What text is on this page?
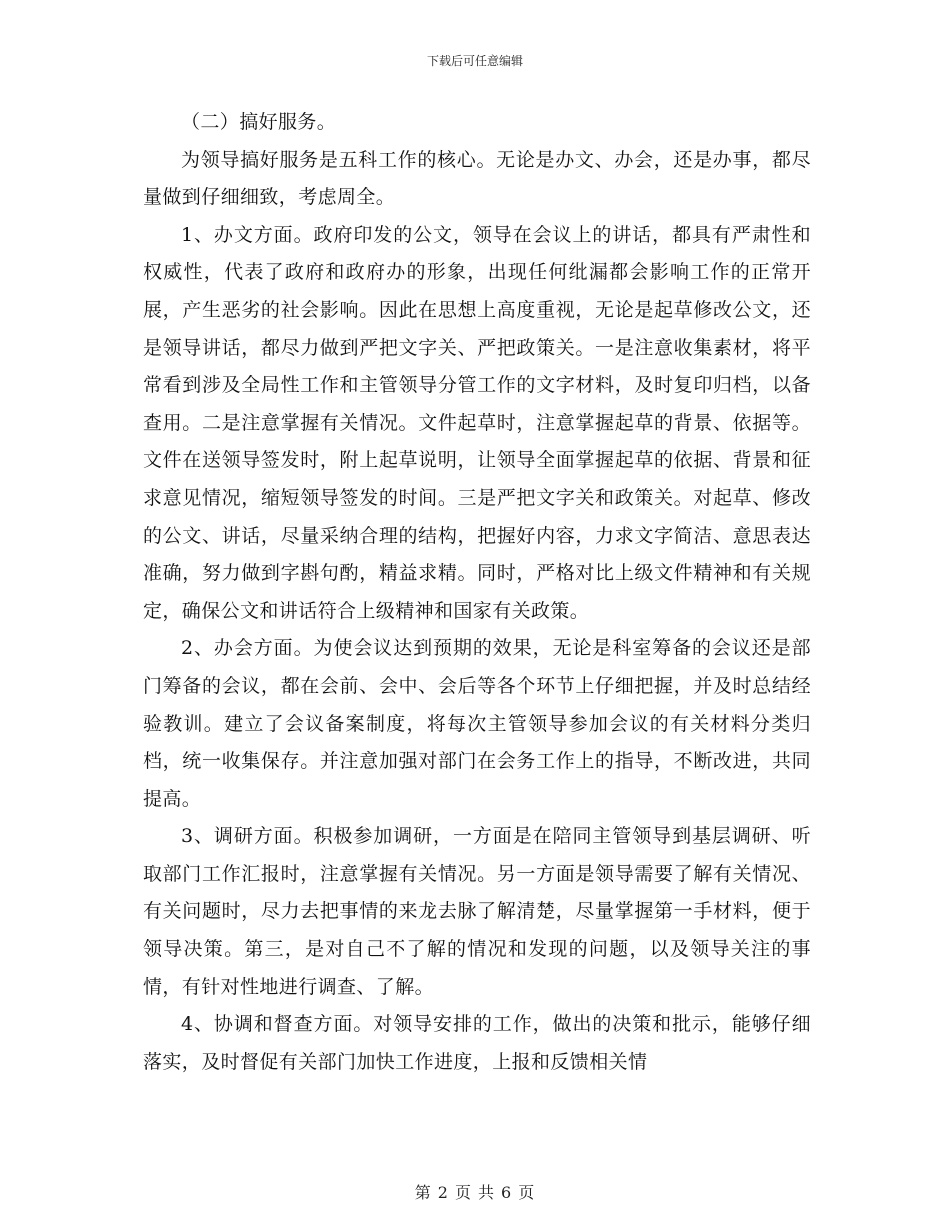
下载后可任意编辑

（二）搞好服务。

为领导搞好服务是五科工作的核心。无论是办文、办会，还是办事，都尽量做到仔细细致，考虑周全。

1、办文方面。政府印发的公文，领导在会议上的讲话，都具有严肃性和权威性，代表了政府和政府办的形象，出现任何纰漏都会影响工作的正常开展，产生恶劣的社会影响。因此在思想上高度重视，无论是起草修改公文，还是领导讲话，都尽力做到严把文字关、严把政策关。一是注意收集素材，将平常看到涉及全局性工作和主管领导分管工作的文字材料，及时复印归档，以备查用。二是注意掌握有关情况。文件起草时，注意掌握起草的背景、依据等。文件在送领导签发时，附上起草说明，让领导全面掌握起草的依据、背景和征求意见情况，缩短领导签发的时间。三是严把文字关和政策关。对起草、修改的公文、讲话，尽量采纳合理的结构，把握好内容，力求文字简洁、意思表达准确，努力做到字斟句酌，精益求精。同时，严格对比上级文件精神和有关规定，确保公文和讲话符合上级精神和国家有关政策。

2、办会方面。为使会议达到预期的效果，无论是科室筹备的会议还是部门筹备的会议，都在会前、会中、会后等各个环节上仔细把握，并及时总结经验教训。建立了会议备案制度，将每次主管领导参加会议的有关材料分类归档，统一收集保存。并注意加强对部门在会务工作上的指导，不断改进，共同提高。

3、调研方面。积极参加调研，一方面是在陪同主管领导到基层调研、听取部门工作汇报时，注意掌握有关情况。另一方面是领导需要了解有关情况、有关问题时，尽力去把事情的来龙去脉了解清楚，尽量掌握第一手材料，便于领导决策。第三，是对自己不了解的情况和发现的问题，以及领导关注的事情，有针对性地进行调查、了解。

4、协调和督查方面。对领导安排的工作，做出的决策和批示，能够仔细落实，及时督促有关部门加快工作进度，上报和反馈相关情

第 2 页 共 6 页
